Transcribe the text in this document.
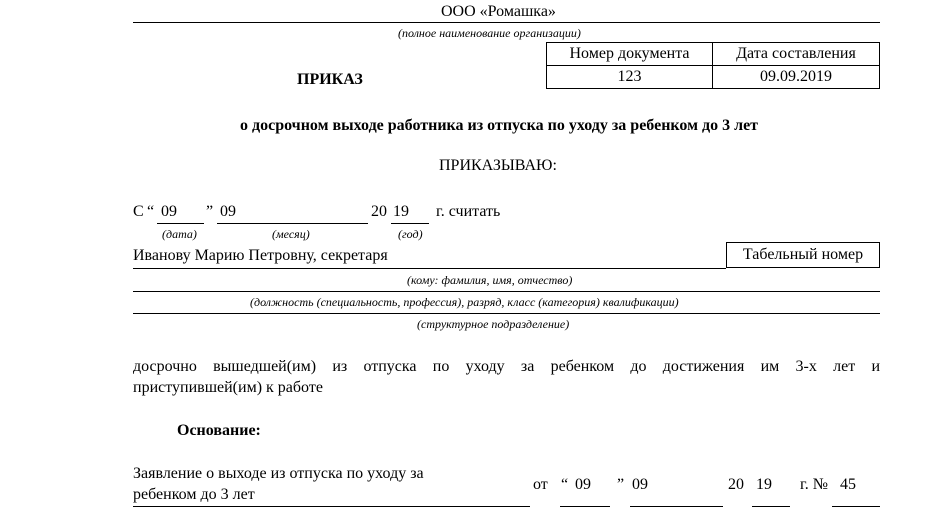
ООО «Ромашка»
(полное наименование организации)
ПРИКАЗ
Номер документа	Дата составления
123	09.09.2019
о досрочном выходе работника из отпуска по уходу за ребенком до 3 лет
ПРИКАЗЫВАЮ:
С “ 09 ” 09	20 19 г. считать
(дата)	(месяц)	(год)
Иванову Марию Петровну, секретаря	Табельный номер
(кому: фамилия, имя, отчество)
(должность (специальность, профессия), разряд, класс (категория) квалификации)
(структурное подразделение)
досрочно вышедшей(им) из отпуска по уходу за ребенком до достижения им 3-х лет и
приступившей(им) к работе
Основание:
Заявление о выходе из отпуска по уходу за
ребенком до 3 лет
от “ 09 ” 09	20 19 г. № 45
